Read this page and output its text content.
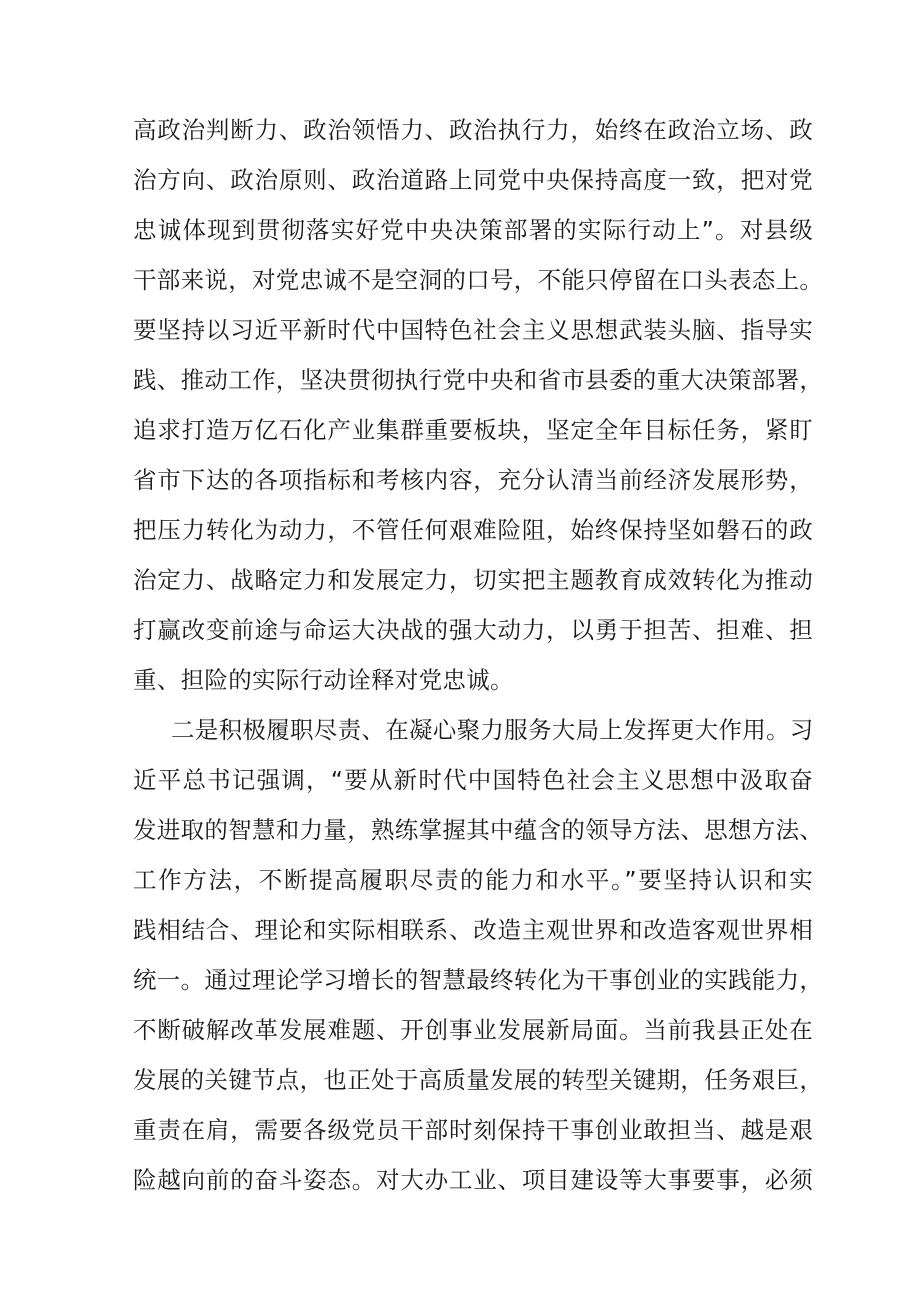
高政治判断力、政治领悟力、政治执行力，始终在政治立场、政
治方向、政治原则、政治道路上同党中央保持高度一致，把对党
忠诚体现到贯彻落实好党中央决策部署的实际行动上”。对县级
干部来说，对党忠诚不是空洞的口号，不能只停留在口头表态上。
要坚持以习近平新时代中国特色社会主义思想武装头脑、指导实
践、推动工作，坚决贯彻执行党中央和省市县委的重大决策部署，
追求打造万亿石化产业集群重要板块，坚定全年目标任务，紧盯
省市下达的各项指标和考核内容，充分认清当前经济发展形势，
把压力转化为动力，不管任何艰难险阻，始终保持坚如磐石的政
治定力、战略定力和发展定力，切实把主题教育成效转化为推动
打赢改变前途与命运大决战的强大动力，以勇于担苦、担难、担
重、担险的实际行动诠释对党忠诚。
二是积极履职尽责、在凝心聚力服务大局上发挥更大作用。习
近平总书记强调，“要从新时代中国特色社会主义思想中汲取奋
发进取的智慧和力量，熟练掌握其中蕴含的领导方法、思想方法、
工作方法，不断提高履职尽责的能力和水平。”要坚持认识和实
践相结合、理论和实际相联系、改造主观世界和改造客观世界相
统一。通过理论学习增长的智慧最终转化为干事创业的实践能力，
不断破解改革发展难题、开创事业发展新局面。当前我县正处在
发展的关键节点，也正处于高质量发展的转型关键期，任务艰巨，
重责在肩，需要各级党员干部时刻保持干事创业敢担当、越是艰
险越向前的奋斗姿态。对大办工业、项目建设等大事要事，必须
